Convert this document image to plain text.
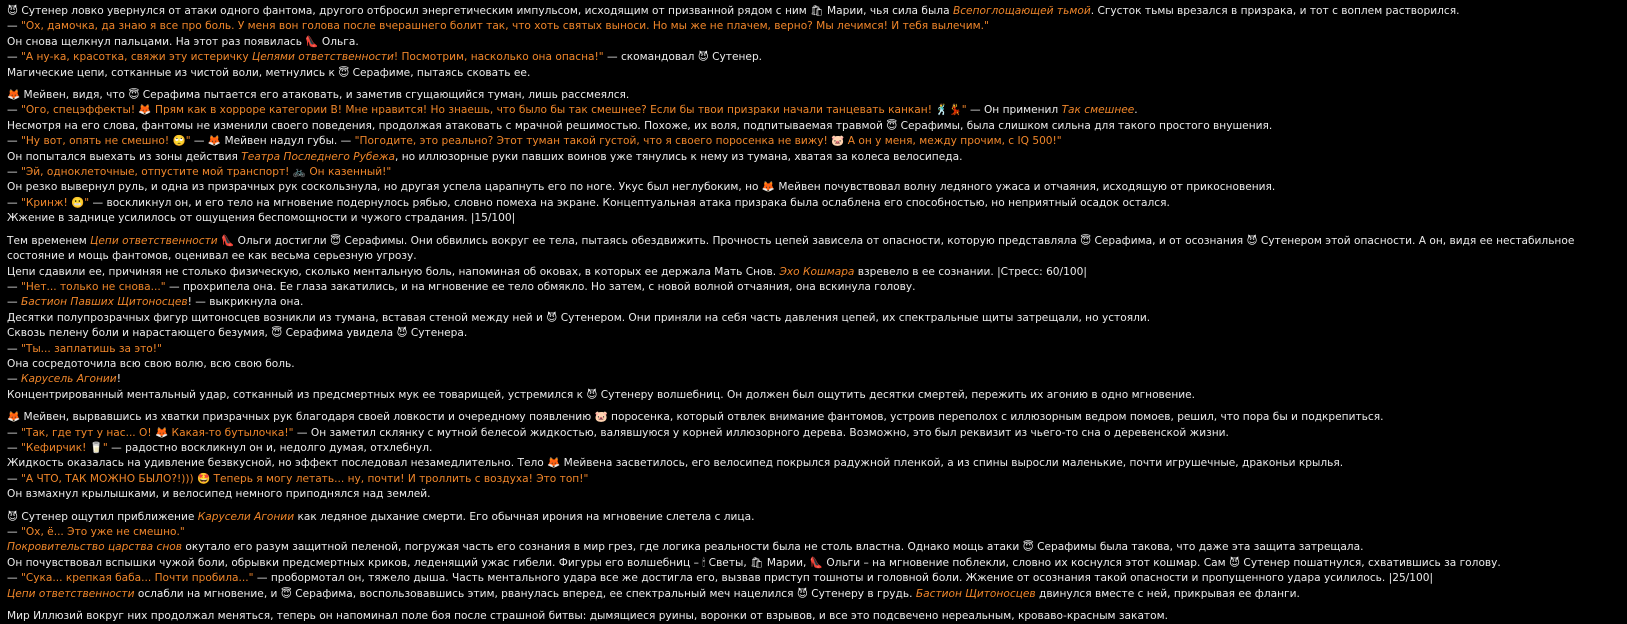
😈 Сутенер ловко увернулся от атаки одного фантома, другого отбросил энергетическим импульсом, исходящим от призванной рядом с ним 🛍 Марии, чья сила была Всепоглощающей тьмой. Сгусток тьмы врезался в призрака, и тот с воплем растворился.
— "Ох, дамочка, да знаю я все про боль. У меня вон голова после вчерашнего болит так, что хоть святых выноси. Но мы же не плачем, верно? Мы лечимся! И тебя вылечим."
Он снова щелкнул пальцами. На этот раз появилась 👠 Ольга.
— "А ну-ка, красотка, свяжи эту истеричку Цепями ответственности! Посмотрим, насколько она опасна!" — скомандовал 😈 Сутенер.
Магические цепи, сотканные из чистой воли, метнулись к 😇 Серафиме, пытаясь сковать ее.
🦊 Мейвен, видя, что 😇 Серафима пытается его атаковать, и заметив сгущающийся туман, лишь рассмеялся.
— "Ого, спецэффекты! 🦊 Прям как в хорроре категории В! Мне нравится! Но знаешь, что было бы так смешнее? Если бы твои призраки начали танцевать канкан! 🕺💃" — Он применил Так смешнее.
Несмотря на его слова, фантомы не изменили своего поведения, продолжая атаковать с мрачной решимостью. Похоже, их воля, подпитываемая травмой 😇 Серафимы, была слишком сильна для такого простого внушения.
— "Ну вот, опять не смешно! 🙄" — 🦊 Мейвен надул губы. — "Погодите, это реально? Этот туман такой густой, что я своего поросенка не вижу! 🐷 А он у меня, между прочим, с IQ 500!"
Он попытался выехать из зоны действия Театра Последнего Рубежа, но иллюзорные руки павших воинов уже тянулись к нему из тумана, хватая за колеса велосипеда.
— "Эй, одноклеточные, отпустите мой транспорт! 🚲 Он казенный!"
Он резко вывернул руль, и одна из призрачных рук соскользнула, но другая успела царапнуть его по ноге. Укус был неглубоким, но 🦊 Мейвен почувствовал волну ледяного ужаса и отчаяния, исходящую от прикосновения.
— "Кринж! 😬" — воскликнул он, и его тело на мгновение подернулось рябью, словно помеха на экране. Концептуальная атака призрака была ослаблена его способностью, но неприятный осадок остался.
Жжение в заднице усилилось от ощущения беспомощности и чужого страдания. |15/100|
Тем временем Цепи ответственности 👠 Ольги достигли 😇 Серафимы. Они обвились вокруг ее тела, пытаясь обездвижить. Прочность цепей зависела от опасности, которую представляла 😇 Серафима, и от осознания 😈 Сутенером этой опасности. А он, видя ее нестабильное состояние и мощь фантомов, оценивал ее как весьма серьезную угрозу.
Цепи сдавили ее, причиняя не столько физическую, сколько ментальную боль, напоминая об оковах, в которых ее держала Мать Снов. Эхо Кошмара взревело в ее сознании. |Стресс: 60/100|
— "Нет... только не снова..." — прохрипела она. Ее глаза закатились, и на мгновение ее тело обмякло. Но затем, с новой волной отчаяния, она вскинула голову.
— Бастион Павших Щитоносцев! — выкрикнула она.
Десятки полупрозрачных фигур щитоносцев возникли из тумана, вставая стеной между ней и 😈 Сутенером. Они приняли на себя часть давления цепей, их спектральные щиты затрещали, но устояли.
Сквозь пелену боли и нарастающего безумия, 😇 Серафима увидела 😈 Сутенера.
— "Ты... заплатишь за это!"
Она сосредоточила всю свою волю, всю свою боль.
— Карусель Агонии!
Концентрированный ментальный удар, сотканный из предсмертных мук ее товарищей, устремился к 😈 Сутенеру волшебниц. Он должен был ощутить десятки смертей, пережить их агонию в одно мгновение.
🦊 Мейвен, вырвавшись из хватки призрачных рук благодаря своей ловкости и очередному появлению 🐷 поросенка, который отвлек внимание фантомов, устроив переполох с иллюзорным ведром помоев, решил, что пора бы и подкрепиться.
— "Так, где тут у нас... О! 🦊 Какая-то бутылочка!" — Он заметил склянку с мутной белесой жидкостью, валявшуюся у корней иллюзорного дерева. Возможно, это был реквизит из чьего-то сна о деревенской жизни.
— "Кефирчик! 🥛" — радостно воскликнул он и, недолго думая, отхлебнул.
Жидкость оказалась на удивление безвкусной, но эффект последовал незамедлительно. Тело 🦊 Мейвена засветилось, его велосипед покрылся радужной пленкой, а из спины выросли маленькие, почти игрушечные, драконьи крылья.
— "А ЧТО, ТАК МОЖНО БЫЛО?!))) 🤩 Теперь я могу летать... ну, почти! И троллить с воздуха! Это топ!"
Он взмахнул крылышками, и велосипед немного приподнялся над землей.
😈 Сутенер ощутил приближение Карусели Агонии как ледяное дыхание смерти. Его обычная ирония на мгновение слетела с лица.
— "Ох, ё... Это уже не смешно."
Покровительство царства снов окутало его разум защитной пеленой, погружая часть его сознания в мир грез, где логика реальности была не столь властна. Однако мощь атаки 😇 Серафимы была такова, что даже эта защита затрещала.
Он почувствовал вспышки чужой боли, обрывки предсмертных криков, леденящий ужас гибели. Фигуры его волшебниц – 🕯 Светы, 🛍 Марии, 👠 Ольги – на мгновение поблекли, словно их коснулся этот кошмар. Сам 😈 Сутенер пошатнулся, схватившись за голову.
— "Сука... крепкая баба... Почти пробила..." — пробормотал он, тяжело дыша. Часть ментального удара все же достигла его, вызвав приступ тошноты и головной боли. Жжение от осознания такой опасности и пропущенного удара усилилось. |25/100|
Цепи ответственности ослабли на мгновение, и 😇 Серафима, воспользовавшись этим, рванулась вперед, ее спектральный меч нацелился 😈 Сутенеру в грудь. Бастион Щитоносцев двинулся вместе с ней, прикрывая ее фланги.
Мир Иллюзий вокруг них продолжал меняться, теперь он напоминал поле боя после страшной битвы: дымящиеся руины, воронки от взрывов, и все это подсвечено нереальным, кроваво-красным закатом.
